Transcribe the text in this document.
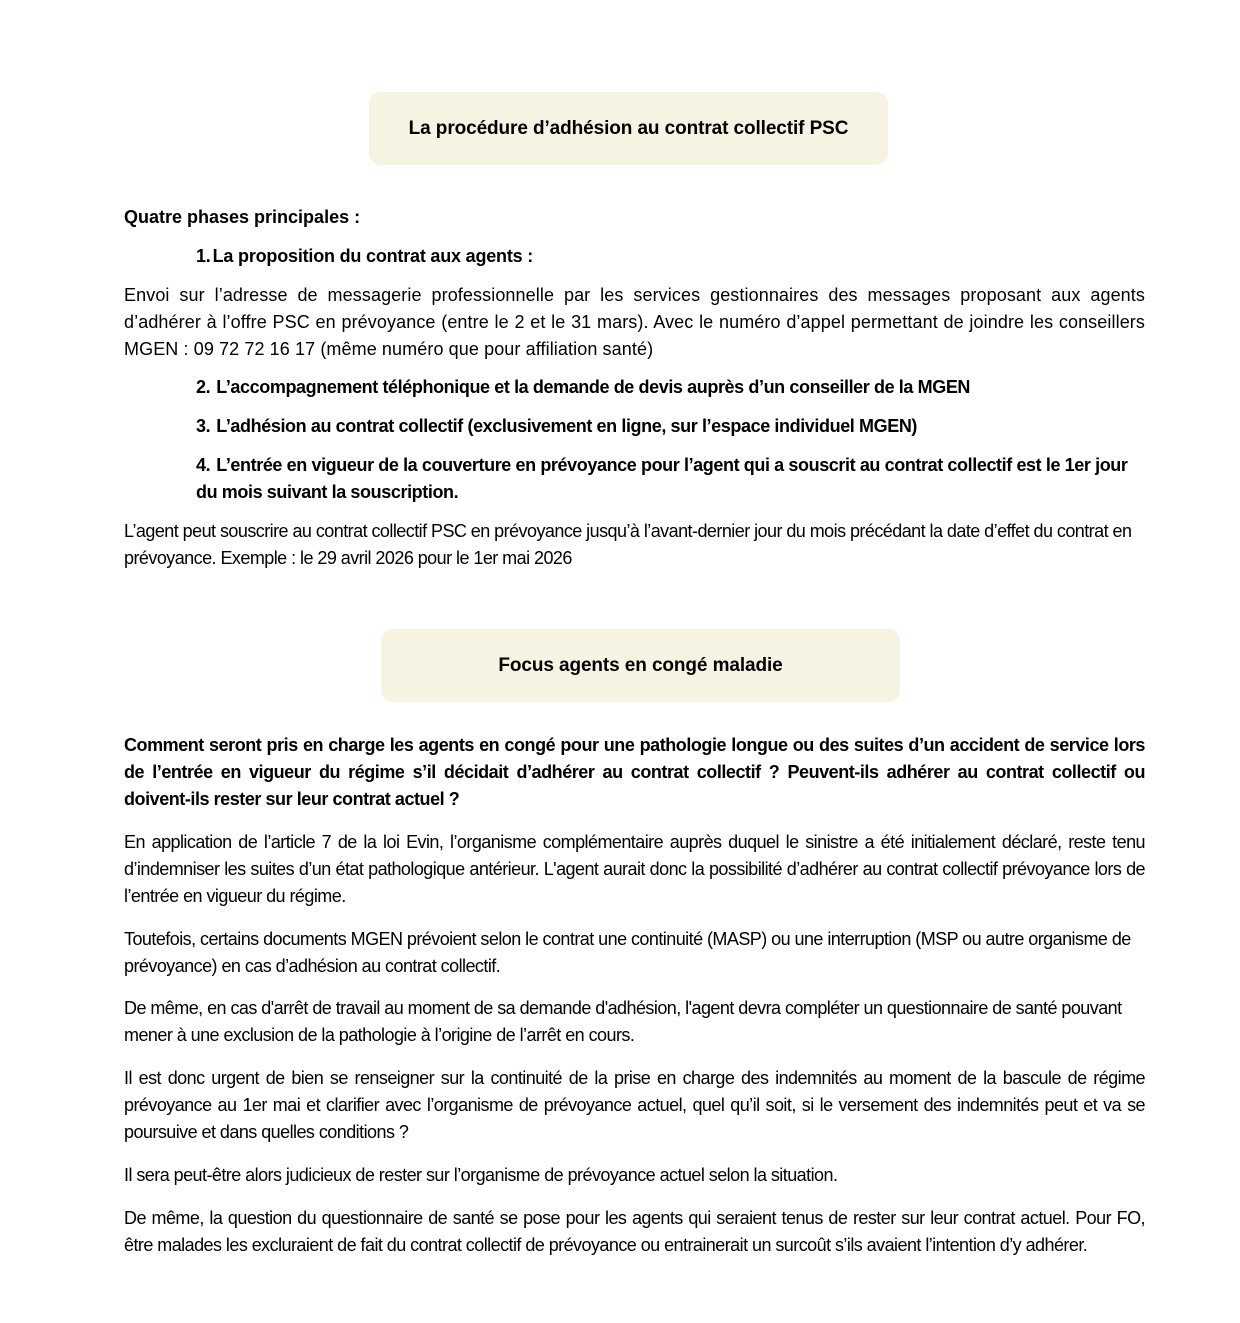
La procédure d’adhésion au contrat collectif PSC
Quatre phases principales :
1. La proposition du contrat aux agents :
Envoi sur l’adresse de messagerie professionnelle par les services gestionnaires des messages proposant aux agents d’adhérer à l’offre PSC en prévoyance (entre le 2 et le 31 mars). Avec le numéro d’appel permettant de joindre les conseillers MGEN : 09 72 72 16 17 (même numéro que pour affiliation santé)
2. L’accompagnement téléphonique et la demande de devis auprès d’un conseiller de la MGEN
3. L’adhésion au contrat collectif (exclusivement en ligne, sur l’espace individuel MGEN)
4. L’entrée en vigueur de la couverture en prévoyance pour l’agent qui a souscrit au contrat collectif est le 1er jour du mois suivant la souscription.
L’agent peut souscrire au contrat collectif PSC en prévoyance jusqu’à l’avant-dernier jour du mois précédant la date d’effet du contrat en prévoyance. Exemple : le 29 avril 2026 pour le 1er mai 2026
Focus agents en congé maladie
Comment seront pris en charge les agents en congé pour une pathologie longue ou des suites d’un accident de service lors de l’entrée en vigueur du régime s’il décidait d’adhérer au contrat collectif ? Peuvent-ils adhérer au contrat collectif ou doivent-ils rester sur leur contrat actuel ?
En application de l’article 7 de la loi Evin, l’organisme complémentaire auprès duquel le sinistre a été initialement déclaré, reste tenu d’indemniser les suites d’un état pathologique antérieur. L'agent aurait donc la possibilité d’adhérer au contrat collectif prévoyance lors de l’entrée en vigueur du régime.
Toutefois, certains documents MGEN prévoient selon le contrat une continuité (MASP) ou une interruption (MSP ou autre organisme de prévoyance) en cas d’adhésion au contrat collectif.
De même, en cas d'arrêt de travail au moment de sa demande d'adhésion, l'agent devra compléter un questionnaire de santé pouvant mener à une exclusion de la pathologie à l’origine de l’arrêt en cours.
Il est donc urgent de bien se renseigner sur la continuité de la prise en charge des indemnités au moment de la bascule de régime prévoyance au 1er mai et clarifier avec l’organisme de prévoyance actuel, quel qu’il soit, si le versement des indemnités peut et va se poursuive et dans quelles conditions ?
Il sera peut-être alors judicieux de rester sur l’organisme de prévoyance actuel selon la situation.
De même, la question du questionnaire de santé se pose pour les agents qui seraient tenus de rester sur leur contrat actuel. Pour FO, être malades les excluraient de fait du contrat collectif de prévoyance ou entrainerait un surcoût s’ils avaient l’intention d’y adhérer.
